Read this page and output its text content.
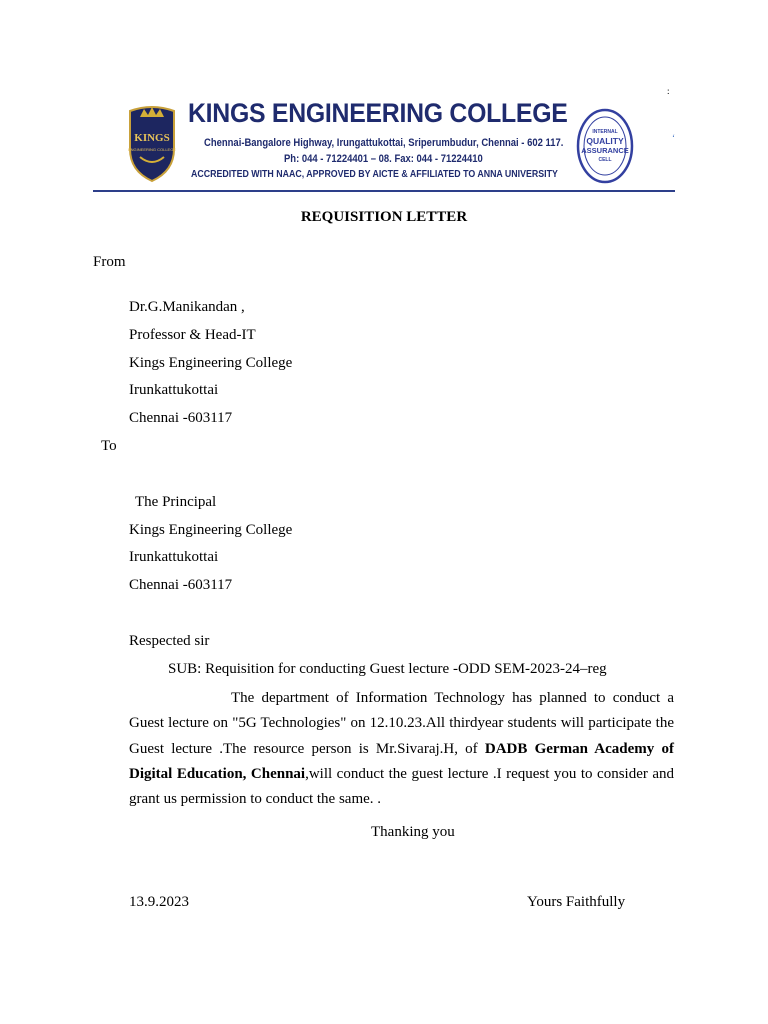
:
KINGS
ENGINEERING COLLEGE
KINGS ENGINEERING COLLEGE
Chennai-Bangalore Highway, Irungattukottai, Sriperumbudur, Chennai - 602 117.
Ph: 044 - 71224401 – 08. Fax: 044 - 71224410
ACCREDITED WITH NAAC, APPROVED BY AICTE & AFFILIATED TO ANNA UNIVERSITY
INTERNAL
QUALITY
ASSURANCE
CELL
‘
REQUISITION LETTER
From
Dr.G.Manikandan ,
Professor & Head-IT
Kings Engineering College
Irunkattukottai
Chennai -603117
To
The Principal
Kings Engineering College
Irunkattukottai
Chennai -603117
Respected sir
SUB: Requisition for conducting Guest lecture -ODD SEM-2023-24–reg

The department of Information Technology has planned to conduct a Guest lecture on "5G Technologies" on 12.10.23.All thirdyear students will participate the Guest lecture .The resource person is Mr.Sivaraj.H, of DADB German Academy of Digital Education, Chennai,will conduct the guest lecture .I request you to consider and grant us permission to conduct the same. .

Thanking you
13.9.2023	Yours Faithfully
